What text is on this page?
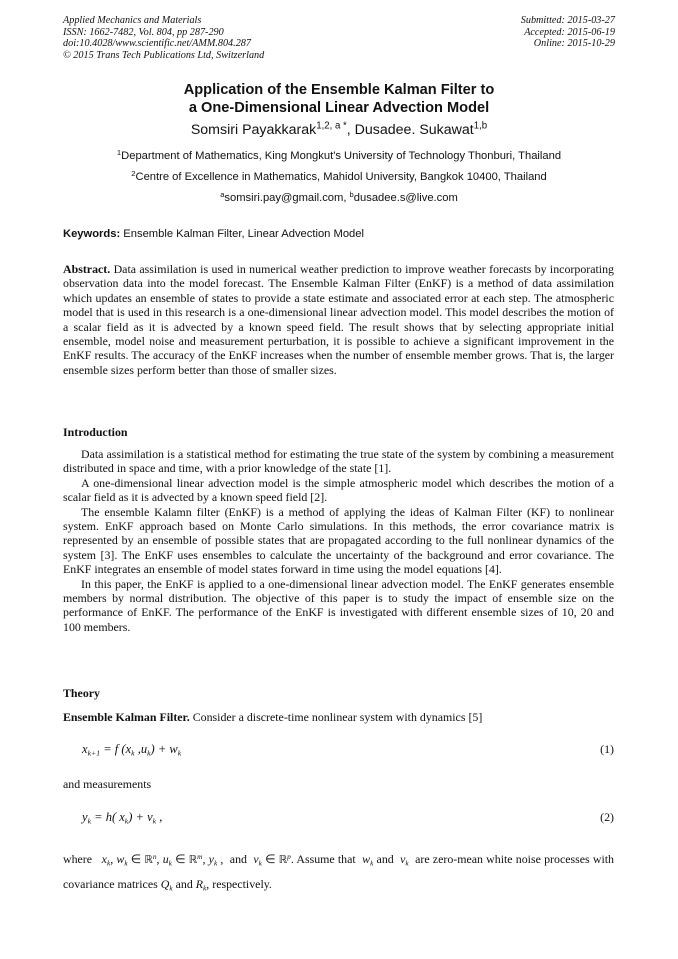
Applied Mechanics and Materials
ISSN: 1662-7482, Vol. 804, pp 287-290
doi:10.4028/www.scientific.net/AMM.804.287
© 2015 Trans Tech Publications Ltd, Switzerland
Submitted: 2015-03-27
Accepted: 2015-06-19
Online: 2015-10-29
Application of the Ensemble Kalman Filter to
a One-Dimensional Linear Advection Model
Somsiri Payakkarak$^{1,2, a *}$, Dusadee. Sukawat$^{1,b}$
$^1$Department of Mathematics, King Mongkut's University of Technology Thonburi, Thailand
$^2$Centre of Excellence in Mathematics, Mahidol University, Bangkok 10400, Thailand
$^a$somsiri.pay@gmail.com, $^b$dusadee.s@live.com
Keywords: Ensemble Kalman Filter, Linear Advection Model

Abstract. Data assimilation is used in numerical weather prediction to improve weather forecasts by incorporating observation data into the model forecast. The Ensemble Kalman Filter (EnKF) is a method of data assimilation which updates an ensemble of states to provide a state estimate and associated error at each step. The atmospheric model that is used in this research is a one-dimensional linear advection model. This model describes the motion of a scalar field as it is advected by a known speed field. The result shows that by selecting appropriate initial ensemble, model noise and measurement perturbation, it is possible to achieve a significant improvement in the EnKF results. The accuracy of the EnKF increases when the number of ensemble member grows. That is, the larger ensemble sizes perform better than those of smaller sizes.

Introduction

Data assimilation is a statistical method for estimating the true state of the system by combining a measurement distributed in space and time, with a prior knowledge of the state [1].

A one-dimensional linear advection model is the simple atmospheric model which describes the motion of a scalar field as it is advected by a known speed field [2].

The ensemble Kalamn filter (EnKF) is a method of applying the ideas of Kalman Filter (KF) to nonlinear system. EnKF approach based on Monte Carlo simulations. In this methods, the error covariance matrix is represented by an ensemble of possible states that are propagated according to the full nonlinear dynamics of the system [3]. The EnKF uses ensembles to calculate the uncertainty of the background and error covariance. The EnKF integrates an ensemble of model states forward in time using the model equations [4].

In this paper, the EnKF is applied to a one-dimensional linear advection model. The EnKF generates ensemble members by normal distribution. The objective of this paper is to study the impact of ensemble size on the performance of EnKF. The performance of the EnKF is investigated with different ensemble sizes of 10, 20 and 100 members.

Theory

Ensemble Kalman Filter. Consider a discrete-time nonlinear system with dynamics [5]

$x_{k+1} = f$ ($x_k$ $,u_k) + w_k$	(1)

and measurements

$y_k = h$( $x_k) + v_k$ ,	(2)

where $x_k$, $w_k$ ∈ ℝ$^n$, $u_k$ ∈ ℝ$^m$, $y_k$ ,  and $v_k$ ∈ ℝ$^p$. Assume that $w_k$ and $v_k$ are zero-mean white noise processes with covariance matrices $Q_k$ and $R_k$, respectively.
